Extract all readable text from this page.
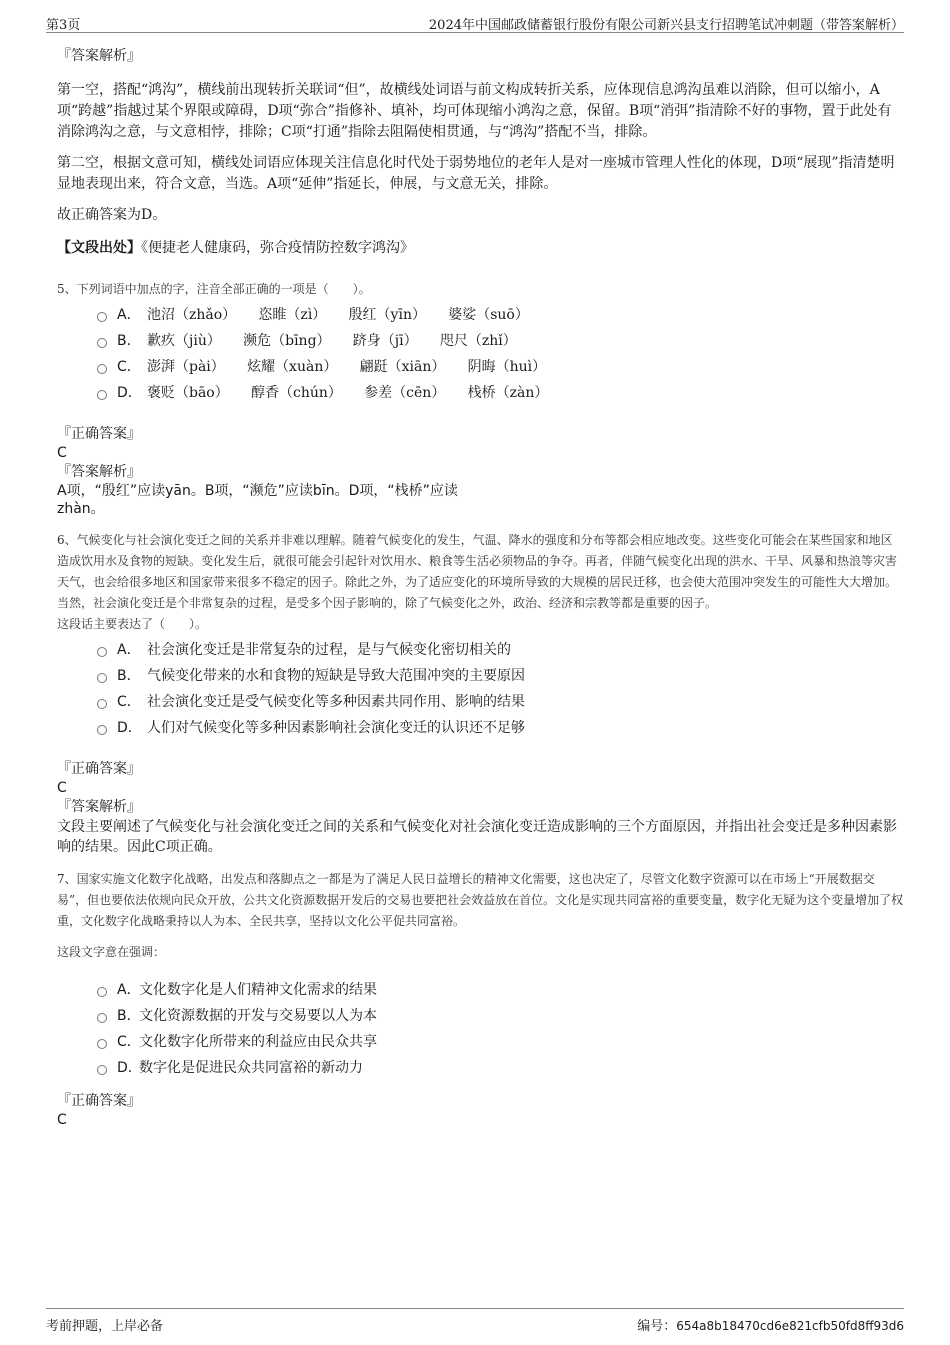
第3页	2024年中国邮政储蓄银行股份有限公司新兴县支行招聘笔试冲刺题（带答案解析）

『答案解析』

第一空，搭配“鸿沟”，横线前出现转折关联词“但”，故横线处词语与前文构成转折关系，应体现信息鸿沟虽难以消除，但可以缩小，A项“跨越”指越过某个界限或障碍，D项“弥合”指修补、填补，均可体现缩小鸿沟之意，保留。B项“消弭”指清除不好的事物，置于此处有消除鸿沟之意，与文意相悖，排除；C项“打通”指除去阻隔使相贯通，与“鸿沟”搭配不当，排除。

第二空，根据文意可知，横线处词语应体现关注信息化时代处于弱势地位的老年人是对一座城市管理人性化的体现，D项“展现”指清楚明显地表现出来，符合文意，当选。A项“延伸”指延长，伸展，与文意无关，排除。

故正确答案为D。

【文段出处】《便捷老人健康码，弥合疫情防控数字鸿沟》

5、下列词语中加点的字，注音全部正确的一项是（　　）。

A． 池沼（zhǎo） 恣睢（zì） 殷红（yīn） 婆娑（suō）
B． 歉疚（jiù） 濒危（bīng） 跻身（jī） 咫尺（zhǐ）
C． 澎湃（pài） 炫耀（xuàn） 翩跹（xiān） 阴晦（huì）
D． 褒贬（bāo） 醇香（chún） 参差（cēn） 栈桥（zàn）

『正确答案』

C

『答案解析』

A项，“殷红”应读yān。B项，“濒危”应读bīn。D项，“栈桥”应读

zhàn。

6、气候变化与社会演化变迁之间的关系并非难以理解。随着气候变化的发生，气温、降水的强度和分布等都会相应地改变。这些变化可能会在某些国家和地区造成饮用水及食物的短缺。变化发生后，就很可能会引起针对饮用水、粮食等生活必须物品的争夺。再者，伴随气候变化出现的洪水、干旱、风暴和热浪等灾害天气，也会给很多地区和国家带来很多不稳定的因子。除此之外，为了适应变化的环境所导致的大规模的居民迁移，也会使大范围冲突发生的可能性大大增加。当然，社会演化变迁是个非常复杂的过程，是受多个因子影响的，除了气候变化之外，政治、经济和宗教等都是重要的因子。

这段话主要表达了（　　）。

A． 社会演化变迁是非常复杂的过程，是与气候变化密切相关的
B． 气候变化带来的水和食物的短缺是导致大范围冲突的主要原因
C． 社会演化变迁是受气候变化等多种因素共同作用、影响的结果
D． 人们对气候变化等多种因素影响社会演化变迁的认识还不足够

『正确答案』

C

『答案解析』

文段主要阐述了气候变化与社会演化变迁之间的关系和气候变化对社会演化变迁造成影响的三个方面原因，并指出社会变迁是多种因素影响的结果。因此C项正确。

7、国家实施文化数字化战略，出发点和落脚点之一都是为了满足人民日益增长的精神文化需要，这也决定了，尽管文化数字资源可以在市场上“开展数据交易”，但也要依法依规向民众开放，公共文化资源数据开发后的交易也要把社会效益放在首位。文化是实现共同富裕的重要变量，数字化无疑为这个变量增加了权重，文化数字化战略秉持以人为本、全民共享，坚持以文化公平促共同富裕。

这段文字意在强调：

A．文化数字化是人们精神文化需求的结果
B．文化资源数据的开发与交易要以人为本
C．文化数字化所带来的利益应由民众共享
D．数字化是促进民众共同富裕的新动力

『正确答案』

C

考前押题，上岸必备	编号：654a8b18470cd6e821cfb50fd8ff93d6
